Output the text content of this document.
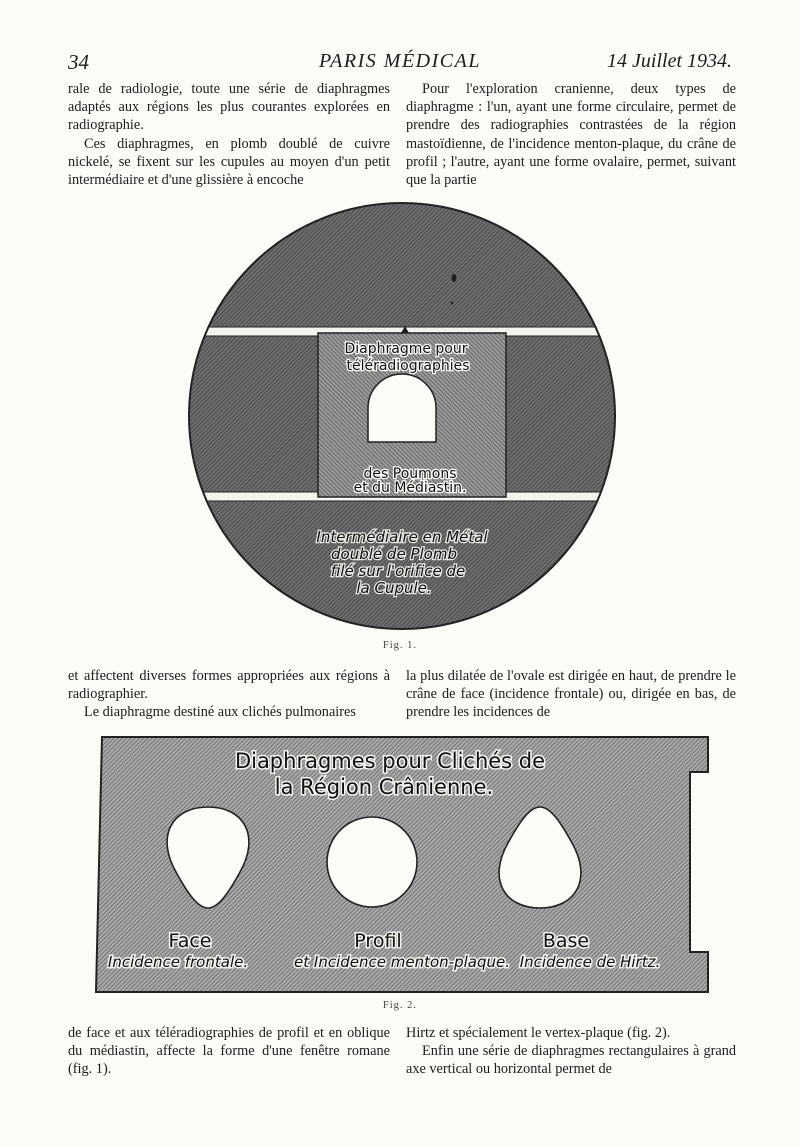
34	PARIS MÉDICAL	14 Juillet 1934.

rale de radiologie, toute une série de diaphragmes adaptés aux régions les plus courantes explorées en radiographie.

Ces diaphragmes, en plomb doublé de cuivre nickelé, se fixent sur les cupules au moyen d'un petit intermédiaire et d'une glissière à encoche

Pour l'exploration cranienne, deux types de diaphragme : l'un, ayant une forme circulaire, permet de prendre des radiographies contrastées de la région mastoïdienne, de l'incidence menton-plaque, du crâne de profil ; l'autre, ayant une forme ovalaire, permet, suivant que la partie

Diaphragme pour
téléradiographies
des Poumons
et du Médiastin.
Intermédiaire en Métal
doublé de Plomb
filé sur l'orifice de
la Cupule.
Fig. 1.

et affectent diverses formes appropriées aux régions à radiographier.

Le diaphragme destiné aux clichés pulmonaires

la plus dilatée de l'ovale est dirigée en haut, de prendre le crâne de face (incidence frontale) ou, dirigée en bas, de prendre les incidences de

Diaphragmes pour Clichés de
la Région Crânienne.
Face
Incidence frontale.
Profil
et Incidence menton-plaque.
Base
Incidence de Hirtz.
Fig. 2.

de face et aux téléradiographies de profil et en oblique du médiastin, affecte la forme d'une fenêtre romane (fig. 1).

Hirtz et spécialement le vertex-plaque (fig. 2).

Enfin une série de diaphragmes rectangulaires à grand axe vertical ou horizontal permet de
